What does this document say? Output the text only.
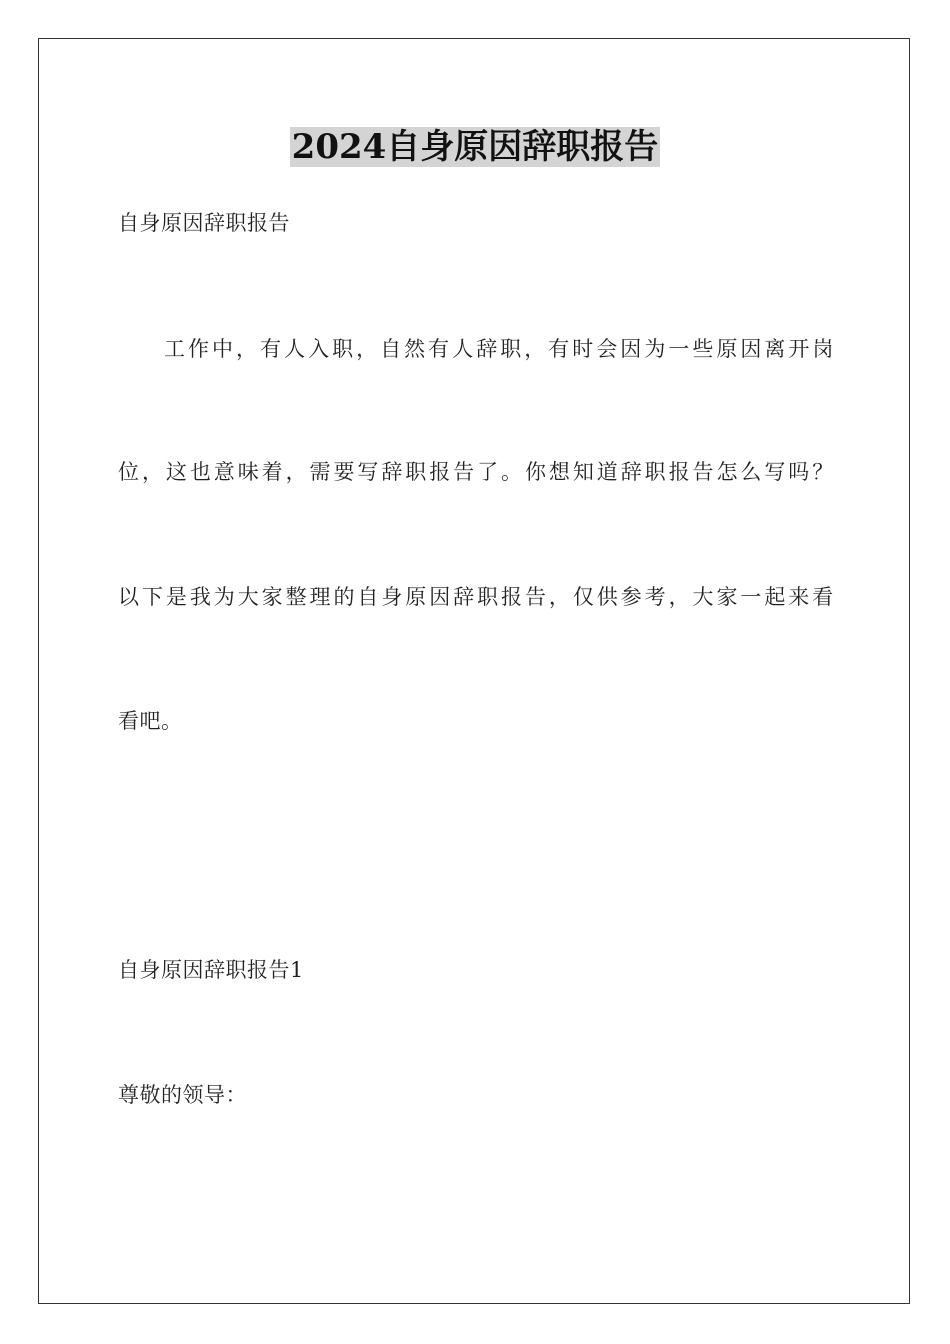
2024自身原因辞职报告
自身原因辞职报告
工 作 中 ， 有 人 入 职 ， 自 然 有 人 辞 职 ， 有 时 会 因 为 一 些 原 因 离 开 岗
位 ， 这 也 意 味 着 ， 需 要 写 辞 职 报 告 了 。 你 想 知 道 辞 职 报 告 怎 么 写 吗 ？
以 下 是 我 为 大 家 整 理 的 自 身 原 因 辞 职 报 告 ， 仅 供 参 考 ， 大 家 一 起 来 看
看吧。
自身原因辞职报告1
尊敬的领导：
